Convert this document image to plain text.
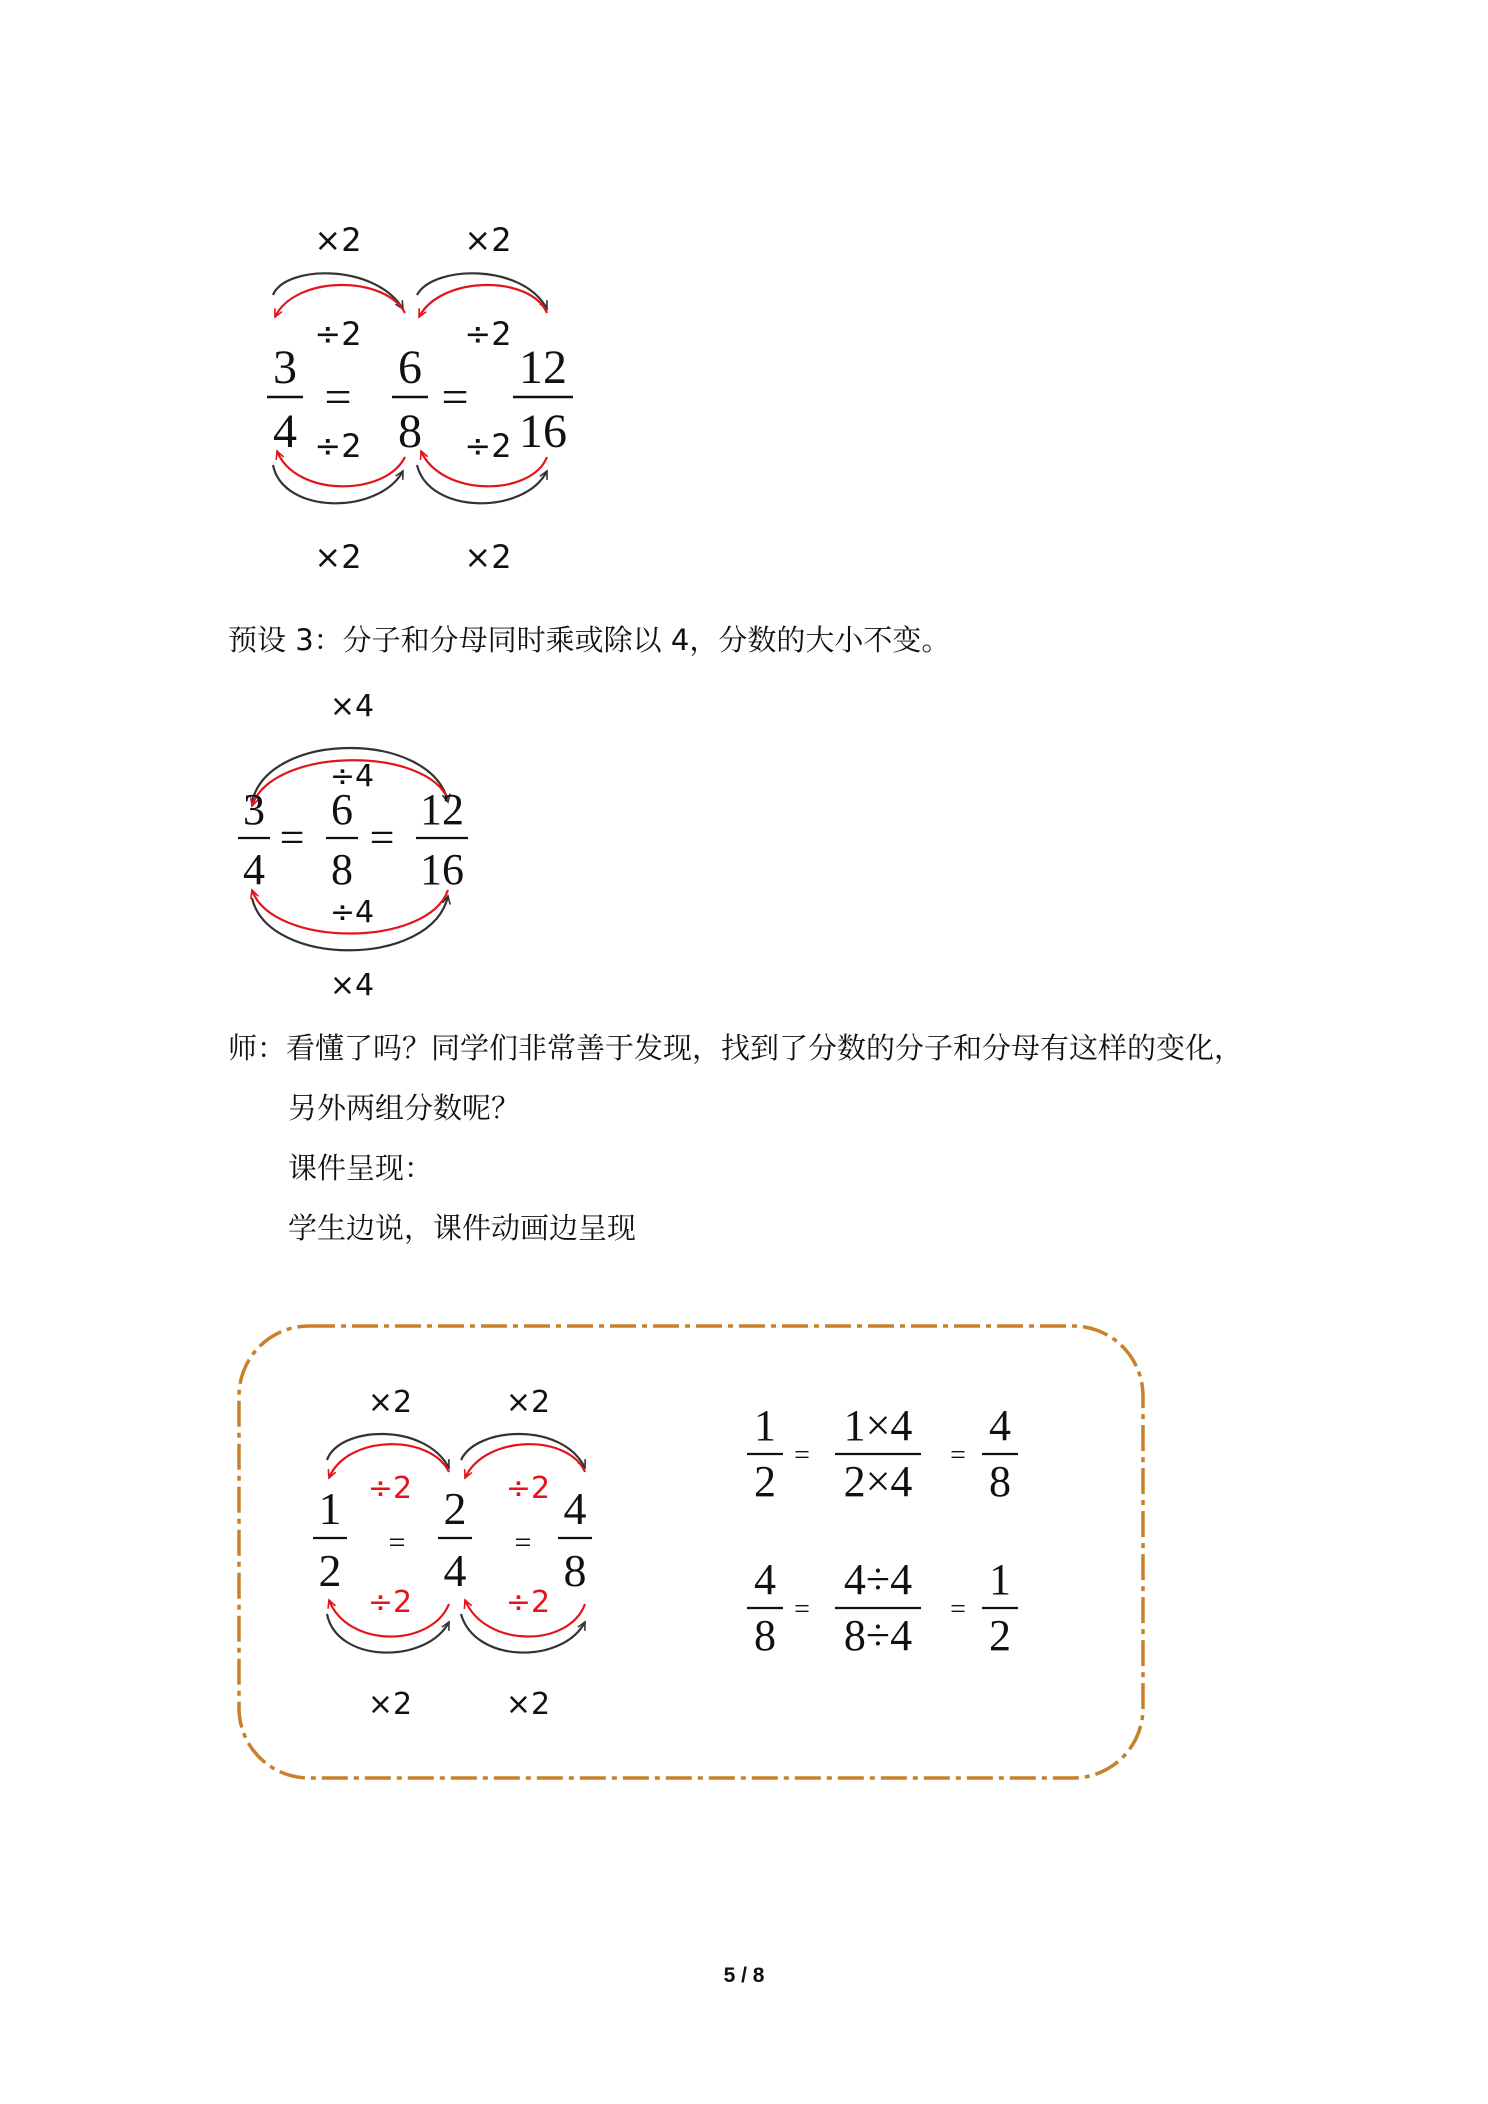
×2	×2
÷2	÷2
÷2	÷2
3
4
=
6
8
=
12
16
×2	×2
预设 3：分子和分母同时乘或除以 4，分数的大小不变。
×4
÷4
3
4
=
6
8
=
12
16
÷4
×4
师：看懂了吗？同学们非常善于发现，找到了分数的分子和分母有这样的变化，
另外两组分数呢？
课件呈现：
学生边说，课件动画边呈现
×2	×2
÷2	÷2
1
2
=
2
4
=
4
8
÷2	÷2
×2	×2
1
2
=
1×4
2×4
=
4
8
4
8
=
4÷4
8÷4
=
1
2
5 / 8
